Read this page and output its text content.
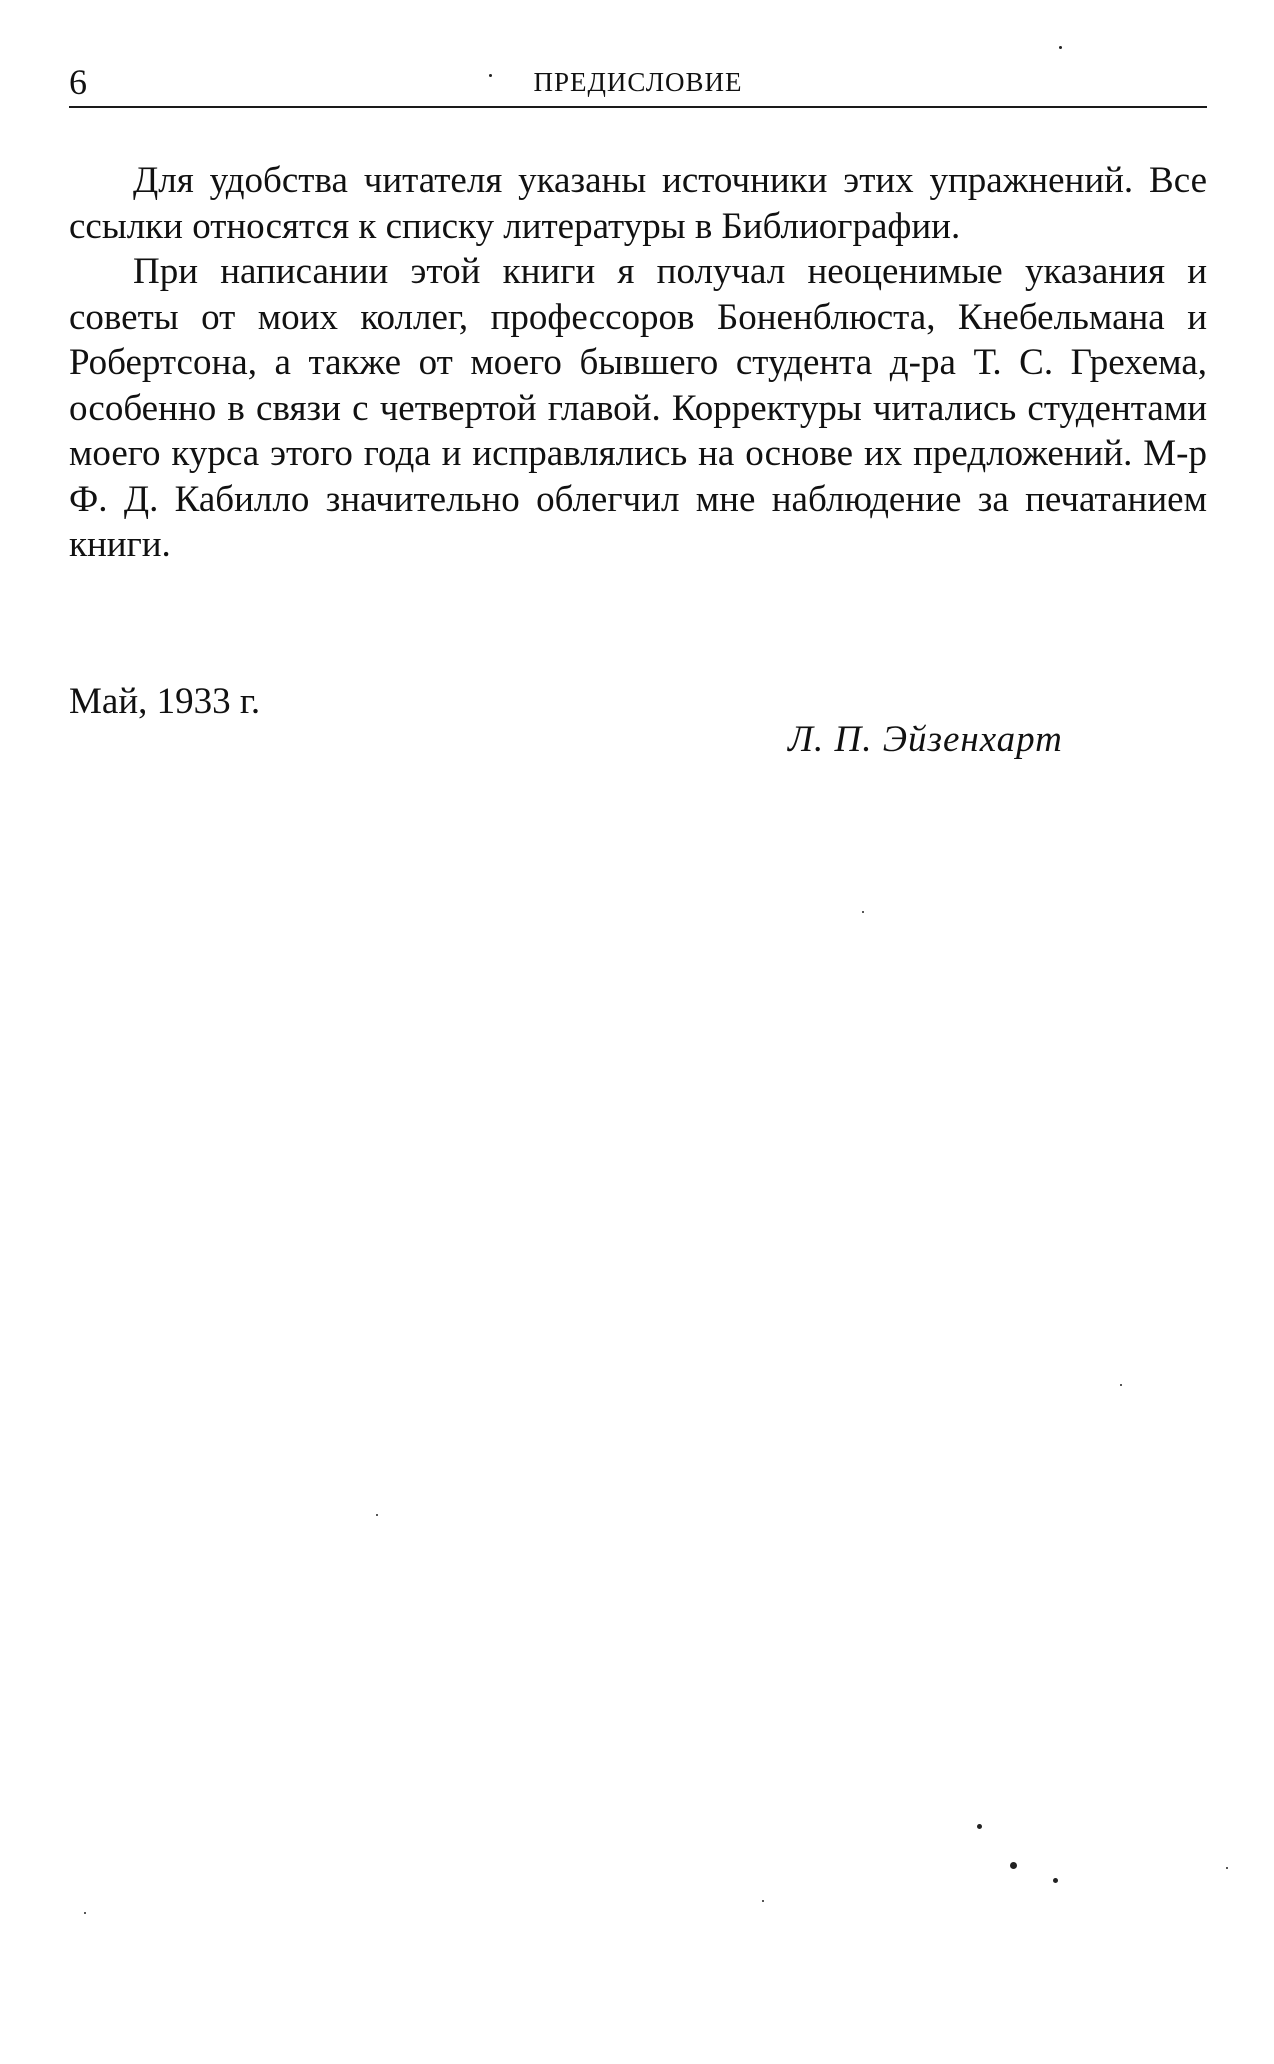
6	ПРЕДИСЛОВИЕ

Для удобства читателя указаны источники этих упражнений. Все ссылки относятся к списку литературы в Библиографии.

При написании этой книги я получал неоценимые указания и советы от моих коллег, профессоров Боненблюста, Кнебельмана и Робертсона, а также от моего бывшего студента д-ра Т. С. Грехема, особенно в связи с четвертой главой. Корректуры читались студентами моего курса этого года и исправлялись на основе их предложений. М-р Ф. Д. Кабилло значительно облегчил мне наблюдение за печатанием книги.

Май, 1933 г.
Л. П. Эйзенхарт
